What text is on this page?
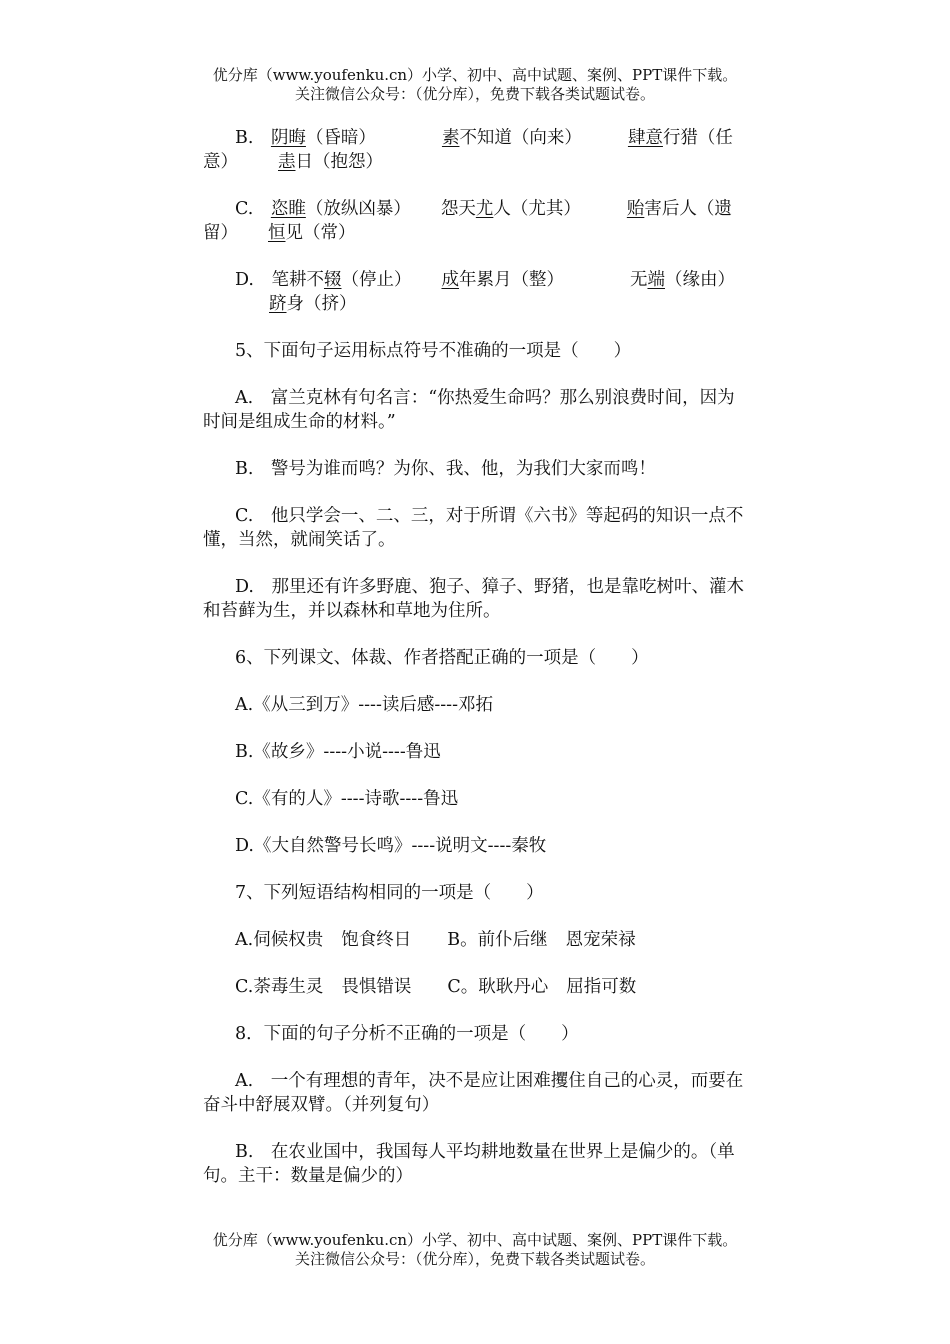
优分库（www.youfenku.cn）小学、初中、高中试题、案例、PPT课件下载。
关注微信公众号：（优分库），免费下载各类试题试卷。

B.　 阴晦（昏暗）	素不知道（向来）	肆意行猎（任意） 恚日（抱怨）

C.　 恣睢（放纵凶暴） 怨天尤人（尤其）	贻害后人（遗留） 恒见（常）

D.　 笔耕不辍（停止） 成年累月（整）	无端（缘由）跻身（挤）

5、下面句子运用标点符号不准确的一项是（　　）

A.　富兰克林有句名言：“你热爱生命吗？那么别浪费时间，因为时间是组成生命的材料。”

B.　警号为谁而鸣？为你、我、他，为我们大家而鸣！

C.　他只学会一、二、三，对于所谓《六书》等起码的知识一点不懂，当然，就闹笑话了。

D.　那里还有许多野鹿、狍子、獐子、野猪，也是靠吃树叶、灌木和苔藓为生，并以森林和草地为住所。

6、下列课文、体裁、作者搭配正确的一项是（　　）

A.《从三到万》----读后感----邓拓

B.《故乡》----小说----鲁迅

C.《有的人》----诗歌----鲁迅

D.《大自然警号长鸣》----说明文----秦牧

7、下列短语结构相同的一项是（　　）

A.伺候权贵 饱食终日 B。前仆后继 恩宠荣禄

C.荼毒生灵 畏惧错误 C。耿耿丹心 屈指可数

8．下面的句子分析不正确的一项是（　　）

A.　一个有理想的青年，决不是应让困难攫住自己的心灵，而要在奋斗中舒展双臂。（并列复句）

B.　在农业国中，我国每人平均耕地数量在世界上是偏少的。（单句。主干：数量是偏少的）

优分库（www.youfenku.cn）小学、初中、高中试题、案例、PPT课件下载。
关注微信公众号：（优分库），免费下载各类试题试卷。
